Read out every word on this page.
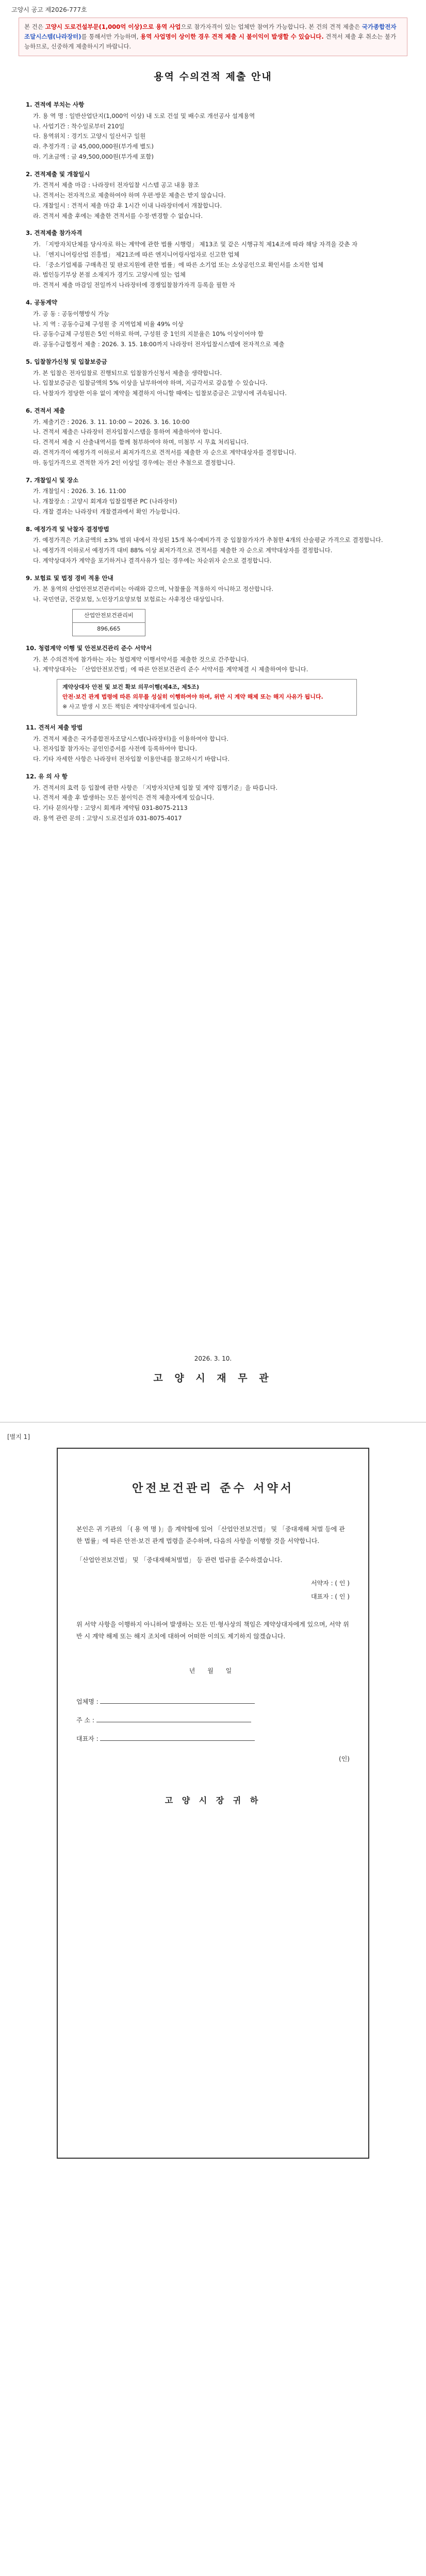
고양시 공고 제2026-777호
본 건은 고양시 도로건설부문(1,000억 이상)으로 용역 사업으로 참가자격이 있는 업체만 참여가 가능합니다. 본 건의 견적 제출은 국가종합전자조달시스템(나라장터)를 통해서만 가능하며, 용역 사업명이 상이한 경우 견적 제출 시 불이익이 발생할 수 있습니다. 견적서 제출 후 취소는 불가능하므로, 신중하게 제출하시기 바랍니다.
용역 수의견적 제출 안내
1. 견적에 부치는 사항
가. 용 역 명 : 일반산업단지(1,000억 이상) 내 도로 건설 및 배수로 개선공사 설계용역
나. 사업기간 : 착수일로부터 210일
다. 용역위치 : 경기도 고양시 일산서구 일원
라. 추정가격 : 금 45,000,000원(부가세 별도)
마. 기초금액 : 금 49,500,000원(부가세 포함)
2. 견적제출 및 개찰일시
가. 견적서 제출 마감 : 나라장터 전자입찰 시스템 공고 내용 참조
나. 견적서는 전자적으로 제출하여야 하며 우편·방문 제출은 받지 않습니다.
다. 개찰일시 : 견적서 제출 마감 후 1시간 이내 나라장터에서 개찰합니다.
라. 견적서 제출 후에는 제출한 견적서를 수정·변경할 수 없습니다.
3. 견적제출 참가자격
가. 「지방자치단체를 당사자로 하는 계약에 관한 법률 시행령」 제13조 및 같은 시행규칙 제14조에 따라 해당 자격을 갖춘 자
나. 「엔지니어링산업 진흥법」 제21조에 따른 엔지니어링사업자로 신고한 업체
다. 「중소기업제품 구매촉진 및 판로지원에 관한 법률」에 따른 소기업 또는 소상공인으로 확인서를 소지한 업체
라. 법인등기부상 본점 소재지가 경기도 고양시에 있는 업체
마. 견적서 제출 마감일 전일까지 나라장터에 경쟁입찰참가자격 등록을 필한 자
4. 공동계약
가. 공 동 : 공동이행방식 가능
나. 지 역 : 공동수급체 구성원 중 지역업체 비율 49% 이상
다. 공동수급체 구성원은 5인 이하로 하며, 구성원 중 1인의 지분율은 10% 이상이어야 함
라. 공동수급협정서 제출 : 2026. 3. 15. 18:00까지 나라장터 전자입찰시스템에 전자적으로 제출
5. 입찰참가신청 및 입찰보증금
가. 본 입찰은 전자입찰로 진행되므로 입찰참가신청서 제출을 생략합니다.
나. 입찰보증금은 입찰금액의 5% 이상을 납부하여야 하며, 지급각서로 갈음할 수 있습니다.
다. 낙찰자가 정당한 이유 없이 계약을 체결하지 아니할 때에는 입찰보증금은 고양시에 귀속됩니다.
6. 견적서 제출
가. 제출기간 : 2026. 3. 11. 10:00 ~ 2026. 3. 16. 10:00
나. 견적서 제출은 나라장터 전자입찰시스템을 통하여 제출하여야 합니다.
다. 견적서 제출 시 산출내역서를 함께 첨부하여야 하며, 미첨부 시 무효 처리됩니다.
라. 견적가격이 예정가격 이하로서 최저가격으로 견적서를 제출한 자 순으로 계약대상자를 결정합니다.
마. 동일가격으로 견적한 자가 2인 이상일 경우에는 전산 추첨으로 결정합니다.
7. 개찰일시 및 장소
가. 개찰일시 : 2026. 3. 16. 11:00
나. 개찰장소 : 고양시 회계과 입찰집행관 PC (나라장터)
다. 개찰 결과는 나라장터 개찰결과에서 확인 가능합니다.
8. 예정가격 및 낙찰자 결정방법
가. 예정가격은 기초금액의 ±3% 범위 내에서 작성된 15개 복수예비가격 중 입찰참가자가 추첨한 4개의 산술평균 가격으로 결정합니다.
나. 예정가격 이하로서 예정가격 대비 88% 이상 최저가격으로 견적서를 제출한 자 순으로 계약대상자를 결정합니다.
다. 계약상대자가 계약을 포기하거나 결격사유가 있는 경우에는 차순위자 순으로 결정합니다.
9. 보험료 및 법정 경비 적용 안내
가. 본 용역의 산업안전보건관리비는 아래와 같으며, 낙찰률을 적용하지 아니하고 정산합니다.
나. 국민연금, 건강보험, 노인장기요양보험 보험료는 사후정산 대상입니다.
산업안전보건관리비
896,665
10. 청렴계약 이행 및 안전보건관리 준수 서약서
가. 본 수의견적에 참가하는 자는 청렴계약 이행서약서를 제출한 것으로 간주합니다.
나. 계약상대자는 「산업안전보건법」에 따른 안전보건관리 준수 서약서를 계약체결 시 제출하여야 합니다.
계약상대자 안전 및 보건 확보 의무이행(제4조, 제5조)
안전·보건 관계 법령에 따른 의무를 성실히 이행하여야 하며, 위반 시 계약 해제 또는 해지 사유가 됩니다.
※ 사고 발생 시 모든 책임은 계약상대자에게 있습니다.
11. 견적서 제출 방법
가. 견적서 제출은 국가종합전자조달시스템(나라장터)을 이용하여야 합니다.
나. 전자입찰 참가자는 공인인증서를 사전에 등록하여야 합니다.
다. 기타 자세한 사항은 나라장터 전자입찰 이용안내를 참고하시기 바랍니다.
12. 유 의 사 항
가. 견적서의 효력 등 입찰에 관한 사항은 「지방자치단체 입찰 및 계약 집행기준」을 따릅니다.
나. 견적서 제출 후 발생하는 모든 불이익은 견적 제출자에게 있습니다.
다. 기타 문의사항 : 고양시 회계과 계약팀 031-8075-2113
라. 용역 관련 문의 : 고양시 도로건설과 031-8075-4017
2026. 3. 10.
고 양 시 재 무 관
[별지 1]
안전보건관리 준수 서약서
본인은 귀 기관의 「( 용 역 명 )」을 계약함에 있어 「산업안전보건법」 및 「중대재해 처벌 등에 관한 법률」에 따른 안전·보건 관계 법령을 준수하며, 다음의 사항을 이행할 것을 서약합니다.
「산업안전보건법」 및 「중대재해처벌법」 등 관련 법규를 준수하겠습니다.
서약자 : ( 인 )
대표자 : ( 인 )
위 서약 사항을 이행하지 아니하여 발생하는 모든 민·형사상의 책임은 계약상대자에게 있으며, 서약 위반 시 계약 해제 또는 해지 조치에 대하여 어떠한 이의도 제기하지 않겠습니다.
년 월 일
업체명 :
주 소 :
대표자 :
(인)
고 양 시 장 귀 하
